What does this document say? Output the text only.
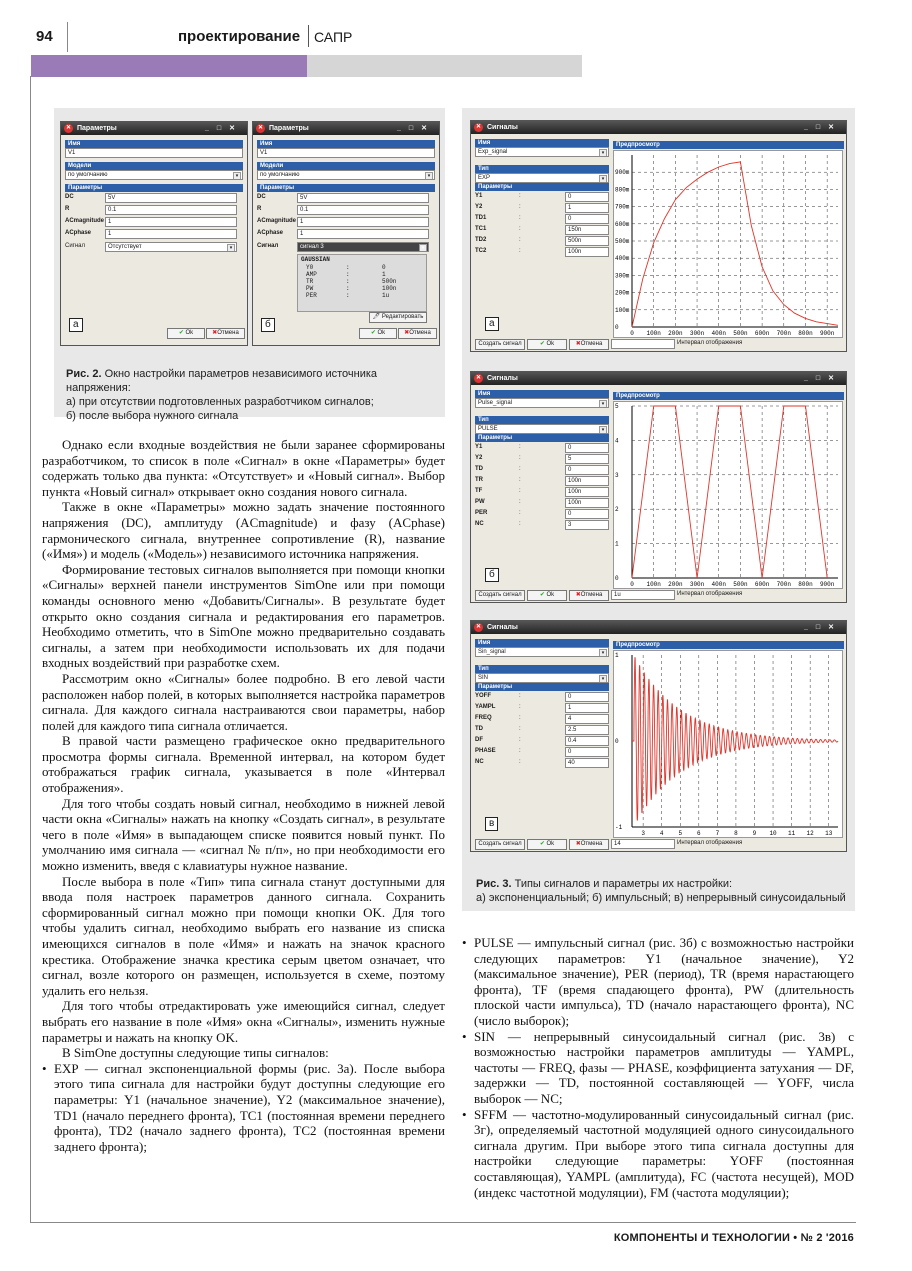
94	проектирование САПР
✕ Параметры	_□✕
Имя
V1
Модели
по умолчанию	▾
Параметры
DC	5V
R	0.1
ACmagnitude 1
ACphase	1
Сигнал	Отсутствует	▾
✔ Ok	✖Отмена
а
✕ Параметры	_□✕
Имя
V1
Модели
по умолчанию	▾
Параметры
DC	5V
R	0.1
ACmagnitude 1
ACphase	1
Сигнал	сигнал 3	▾
GAUSSIAN
Y0	:	0
AMP	:	1
TR	:	500n
PW	:	100n
PER	:	1u
🖊 Редактировать
✔ Ok	✖Отмена
б
Рис. 2. Окно настройки параметров независимого источника напряжения:
а) при отсутствии подготовленных разработчиком сигналов;
б) после выбора нужного сигнала
✕ Сигналы	_□✕
Имя
Exp_signal	▾
Тип
EXP	▾
Параметры
Y1	:	0
Y2	:	1
TD1	:	0
TC1	:	150n
TD2	:	500n
TC2	:	100n
Предпросмотр
Создать сигнал	✔ Ok	✖Отмена	Интервал отображения
а
0 100n 200n 300n 400n 500n 600n 700n 800n 900n
0
100m
200m
300m
400m
500m
600m
700m
800m
900m
✕ Сигналы	_□✕
Имя
Pulse_signal	▾
Тип
PULSE	▾
Параметры
Y1	:	0
Y2	:	5
TD	:	0
TR	:	100n
TF	:	100n
PW	:	100n
PER	:	0
NC	:	3
Предпросмотр
Создать сигнал	✔ Ok	✖Отмена	1u	Интервал отображения
б
0 100n 200n 300n 400n 500n 600n 700n 800n 900n
0
1
2
3
4
5
✕ Сигналы	_□✕
Имя
Sin_signal	▾
Тип
SIN	▾
Параметры
YOFF	:	0
YAMPL	:	1
FREQ	:	4
TD	:	2.5
DF	:	0.4
PHASE	:	0
NC	:	40
Предпросмотр
Создать сигнал	✔ Ok	✖Отмена	14	Интервал отображения
в
3 4 5 6 7 8 9 10 11 12 13
-1
0
1
Рис. 3. Типы сигналов и параметры их настройки:
а) экспоненциальный; б) импульсный; в) непрерывный синусоидальный

Однако если входные воздействия не были заранее сформированы разработчиком, то список в поле «Сигнал» в окне «Параметры» будет содержать только два пункта: «Отсутствует» и «Новый сигнал». Выбор пункта «Новый сигнал» открывает окно создания нового сигнала.

Также в окне «Параметры» можно задать значение постоянного напряжения (DC), амплитуду (ACmagnitude) и фазу (ACphase) гармонического сигнала, внутреннее сопротивление (R), название («Имя») и модель («Модель») независимого источника напряжения.

Формирование тестовых сигналов выполняется при помощи кнопки «Сигналы» верхней панели инструментов SimOne или при помощи команды основного меню «Добавить/Сигналы». В результате будет открыто окно создания сигнала и редактирования его параметров. Необходимо отметить, что в SimOne можно предварительно создавать сигналы, а затем при необходимости использовать их для подачи входных воздействий при разработке схем.

Рассмотрим окно «Сигналы» более подробно. В его левой части расположен набор полей, в которых выполняется настройка параметров сигнала. Для каждого сигнала настраиваются свои параметры, набор полей для каждого типа сигнала отличается.

В правой части размещено графическое окно предварительного просмотра формы сигнала. Временной интервал, на котором будет отображаться график сигнала, указывается в поле «Интервал отображения».

Для того чтобы создать новый сигнал, необходимо в нижней левой части окна «Сигналы» нажать на кнопку «Создать сигнал», в результате чего в поле «Имя» в выпадающем списке появится новый пункт. По умолчанию имя сигнала — «сигнал № п/п», но при необходимости его можно изменить, введя с клавиатуры нужное название.

После выбора в поле «Тип» типа сигнала станут доступными для ввода поля настроек параметров данного сигнала. Сохранить сформированный сигнал можно при помощи кнопки OK. Для того чтобы удалить сигнал, необходимо выбрать его название из списка имеющихся сигналов в поле «Имя» и нажать на значок красного крестика. Отображение значка крестика серым цветом означает, что сигнал, возле которого он размещен, используется в схеме, поэтому удалить его нельзя.

Для того чтобы отредактировать уже имеющийся сигнал, следует выбрать его название в поле «Имя» окна «Сигналы», изменить нужные параметры и нажать на кнопку OK.

В SimOne доступны следующие типы сигналов:

• EXP — сигнал экспоненциальной формы (рис. 3а). После выбора этого типа сигнала для настройки будут доступны следующие его параметры: Y1 (начальное значение), Y2 (максимальное значение), TD1 (начало переднего фронта), TC1 (постоянная времени переднего фронта), TD2 (начало заднего фронта), TC2 (постоянная времени заднего фронта);

• PULSE — импульсный сигнал (рис. 3б) с возможностью настройки следующих параметров: Y1 (начальное значение), Y2 (максимальное значение), PER (период), TR (время нарастающего фронта), TF (время спадающего фронта), PW (длительность плоской части импульса), TD (начало нарастающего фронта), NC (число выборок);

• SIN — непрерывный синусоидальный сигнал (рис. 3в) с возможностью настройки параметров амплитуды — YAMPL, частоты — FREQ, фазы — PHASE, коэффициента затухания — DF, задержки — TD, постоянной составляющей — YOFF, числа выборок — NC;

• SFFM — частотно-модулированный синусоидальный сигнал (рис. 3г), определяемый частотной модуляцией одного синусоидального сигнала другим. При выборе этого типа сигнала доступны для настройки следующие параметры: YOFF (постоянная составляющая), YAMPL (амплитуда), FC (частота несущей), MOD (индекс частотной модуляции), FM (частота модуляции);

КОМПОНЕНТЫ И ТЕХНОЛОГИИ • № 2 '2016
